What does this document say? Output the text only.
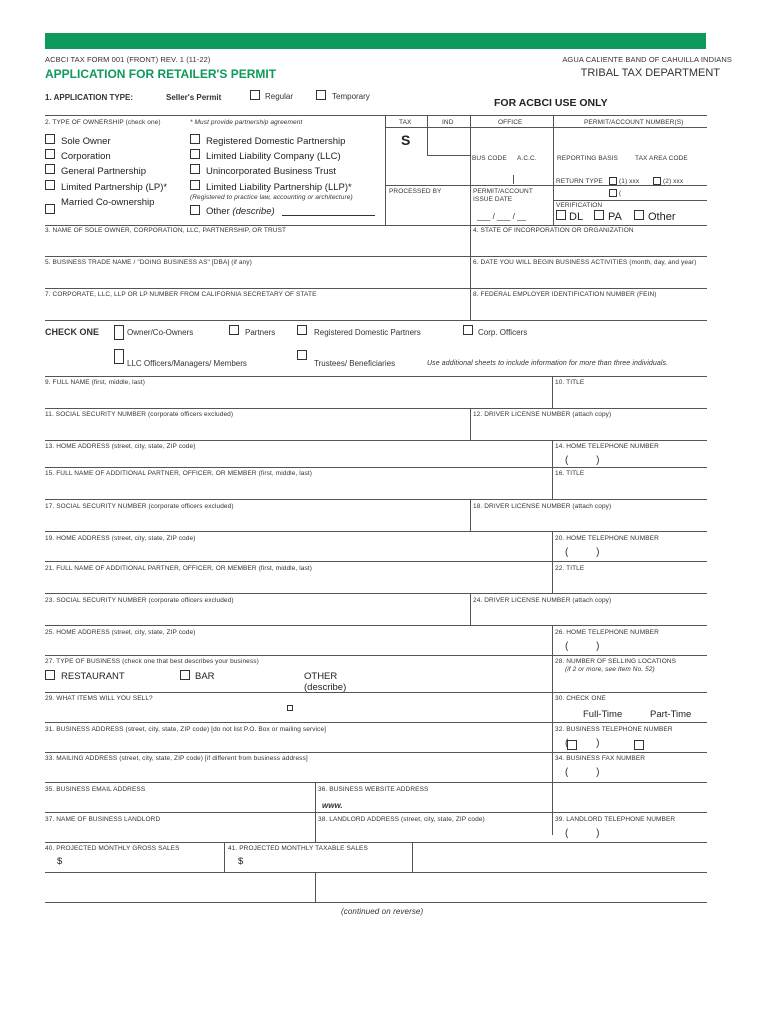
ACBCI TAX FORM 001 (FRONT) REV. 1 (11-22)	AGUA CALIENTE BAND OF CAHUILLA INDIANS
APPLICATION FOR RETAILER'S PERMIT	TRIBAL TAX DEPARTMENT
1. APPLICATION TYPE:	Seller's Permit	Regular	Temporary
2. TYPE OF OWNERSHIP (check one)	* Must provide partnership agreement
Sole Owner
Corporation
General Partnership
Limited Partnership (LP)*
Married Co-ownership
Registered Domestic Partnership
Limited Liability Company (LLC)
Unincorporated Business Trust
Limited Liability Partnership (LLP)*
(Registered to practice law, accounting or architecture)
Other (describe)
FOR ACBCI USE ONLY
TAX	IND	OFFICE	PERMIT/ACCOUNT NUMBER(S)
S
BUS CODE A.C.C.	REPORTING BASIS	TAX AREA CODE
RETURN TYPE (1) xxx	(2) xxx
(
PROCESSED BY	PERMIT/ACCOUNT
ISSUE DATE
___ / ___ / __
VERIFICATION
DL PA Other
3. NAME OF SOLE OWNER, CORPORATION, LLC, PARTNERSHIP, OR TRUST	4. STATE OF INCORPORATION OR ORGANIZATION
5. BUSINESS TRADE NAME / "DOING BUSINESS AS" [DBA] (if any)	6. DATE YOU WILL BEGIN BUSINESS ACTIVITIES (month, day, and year)
7. CORPORATE, LLC, LLP OR LP NUMBER FROM CALIFORNIA SECRETARY OF STATE	8. FEDERAL EMPLOYER IDENTIFICATION NUMBER (FEIN)
CHECK ONE	Owner/Co-Owners	Partners	Registered Domestic Partners	Corp. Officers
LLC Officers/Managers/ Members	Trustees/ Beneficiaries	Use additional sheets to include information for more than three individuals.
9. FULL NAME (first, middle, last)	10. TITLE
11. SOCIAL SECURITY NUMBER (corporate officers excluded)	12. DRIVER LICENSE NUMBER (attach copy)
13. HOME ADDRESS (street, city, state, ZIP code)	14. HOME TELEPHONE NUMBER
(          )
15. FULL NAME OF ADDITIONAL PARTNER, OFFICER, OR MEMBER (first, middle, last)	16. TITLE
17. SOCIAL SECURITY NUMBER (corporate officers excluded)	18. DRIVER LICENSE NUMBER (attach copy)
19. HOME ADDRESS (street, city, state, ZIP code)	20. HOME TELEPHONE NUMBER
(          )
21. FULL NAME OF ADDITIONAL PARTNER, OFFICER, OR MEMBER (first, middle, last)	22. TITLE
23. SOCIAL SECURITY NUMBER (corporate officers excluded)	24. DRIVER LICENSE NUMBER (attach copy)
25. HOME ADDRESS (street, city, state, ZIP code)	26. HOME TELEPHONE NUMBER
(          )
27. TYPE OF BUSINESS (check one that best describes your business)	28. NUMBER OF SELLING LOCATIONS
(if 2 or more, see Item No. 52)
RESTAURANT	BAR	OTHER
(describe)
29. WHAT ITEMS WILL YOU SELL?	30. CHECK ONE
Full-Time	Part-Time
31. BUSINESS ADDRESS (street, city, state, ZIP code) [do not list P.O. Box or mailing service]	32. BUSINESS TELEPHONE NUMBER
(          )
33. MAILING ADDRESS (street, city, state, ZIP code) [if different from business address]	34. BUSINESS FAX NUMBER
(          )
35. BUSINESS EMAIL ADDRESS	36. BUSINESS WEBSITE ADDRESS
www.
37. NAME OF BUSINESS LANDLORD	38. LANDLORD ADDRESS (street, city, state, ZIP code)	39. LANDLORD TELEPHONE NUMBER
(          )
40. PROJECTED MONTHLY GROSS SALES	41. PROJECTED MONTHLY TAXABLE SALES
$	$
(continued on reverse)
